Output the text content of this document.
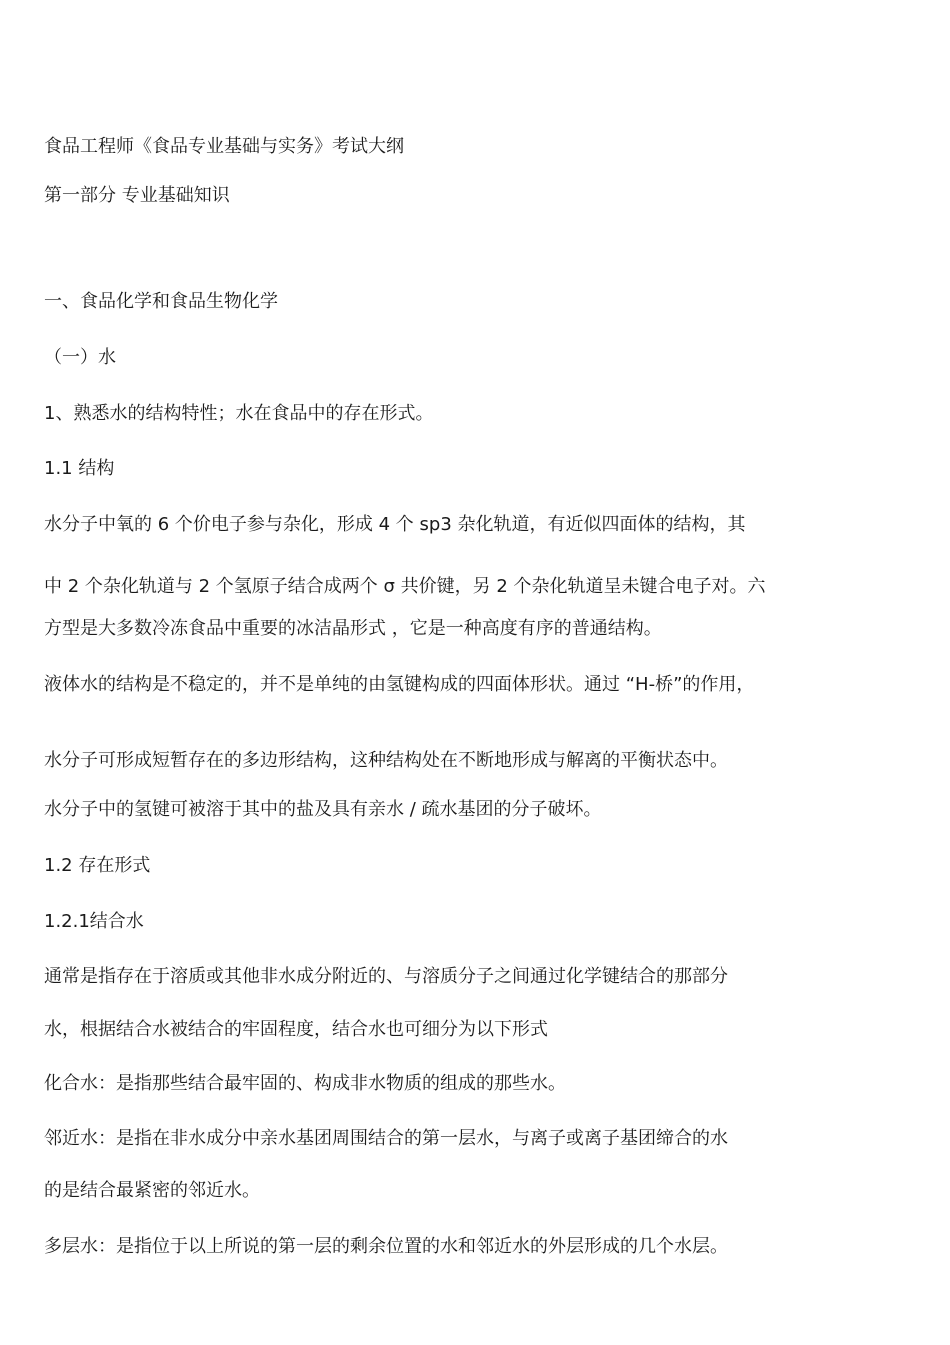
食品工程师《食品专业基础与实务》考试大纲
第一部分 专业基础知识
一、食品化学和食品生物化学
（一）水
1、熟悉水的结构特性；水在食品中的存在形式。
1.1 结构
水分子中氧的 6 个价电子参与杂化，形成 4 个 sp3 杂化轨道，有近似四面体的结构，其
中 2 个杂化轨道与 2 个氢原子结合成两个 σ 共价键，另 2 个杂化轨道呈未键合电子对。六
方型是大多数冷冻食品中重要的冰洁晶形式 ，它是一种高度有序的普通结构。
液体水的结构是不稳定的，并不是单纯的由氢键构成的四面体形状。通过 “H-桥”的作用，
水分子可形成短暂存在的多边形结构，这种结构处在不断地形成与解离的平衡状态中。
水分子中的氢键可被溶于其中的盐及具有亲水 / 疏水基团的分子破坏。
1.2 存在形式
1.2.1结合水
通常是指存在于溶质或其他非水成分附近的、与溶质分子之间通过化学键结合的那部分
水，根据结合水被结合的牢固程度，结合水也可细分为以下形式
化合水：是指那些结合最牢固的、构成非水物质的组成的那些水。
邻近水：是指在非水成分中亲水基团周围结合的第一层水，与离子或离子基团缔合的水
的是结合最紧密的邻近水。
多层水：是指位于以上所说的第一层的剩余位置的水和邻近水的外层形成的几个水层。
